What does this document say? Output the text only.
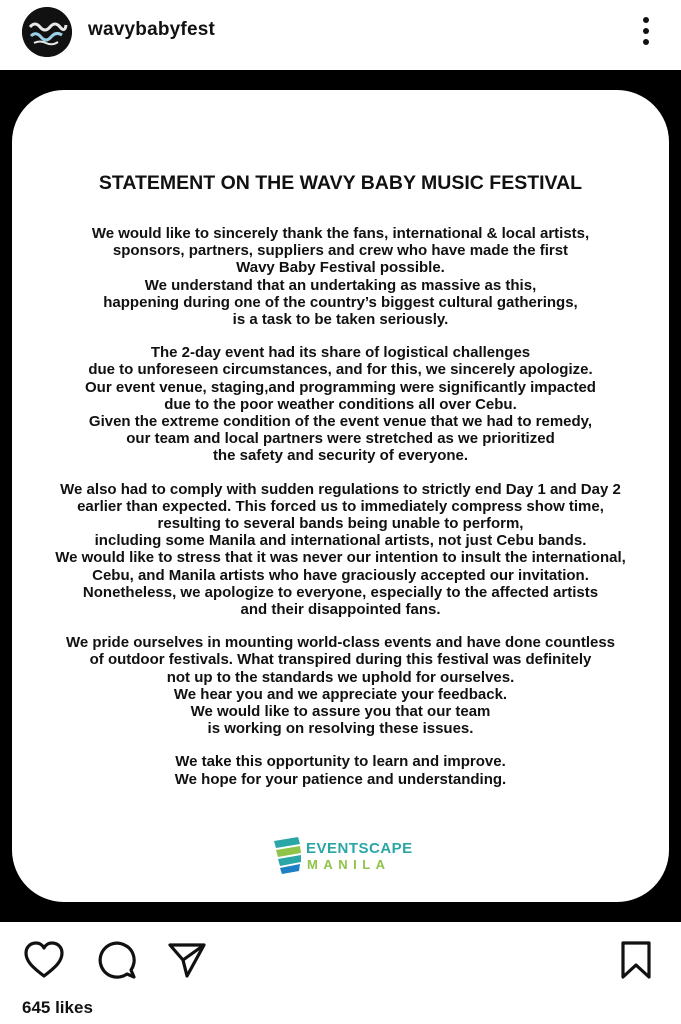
wavybabyfest
STATEMENT ON THE WAVY BABY MUSIC FESTIVAL
We would like to sincerely thank the fans, international & local artists,
sponsors, partners, suppliers and crew who have made the first
Wavy Baby Festival possible.
We understand that an undertaking as massive as this,
happening during one of the country’s biggest cultural gatherings,
is a task to be taken seriously.
The 2-day event had its share of logistical challenges
due to unforeseen circumstances, and for this, we sincerely apologize.
Our event venue, staging,and programming were significantly impacted
due to the poor weather conditions all over Cebu.
Given the extreme condition of the event venue that we had to remedy,
our team and local partners were stretched as we prioritized
the safety and security of everyone.
We also had to comply with sudden regulations to strictly end Day 1 and Day 2
earlier than expected. This forced us to immediately compress show time,
resulting to several bands being unable to perform,
including some Manila and international artists, not just Cebu bands.
We would like to stress that it was never our intention to insult the international,
Cebu, and Manila artists who have graciously accepted our invitation.
Nonetheless, we apologize to everyone, especially to the affected artists
and their disappointed fans.
We pride ourselves in mounting world-class events and have done countless
of outdoor festivals. What transpired during this festival was definitely
not up to the standards we uphold for ourselves.
We hear you and we appreciate your feedback.
We would like to assure you that our team
is working on resolving these issues.
We take this opportunity to learn and improve.
We hope for your patience and understanding.
EVENTSCAPE
MANILA
645 likes
